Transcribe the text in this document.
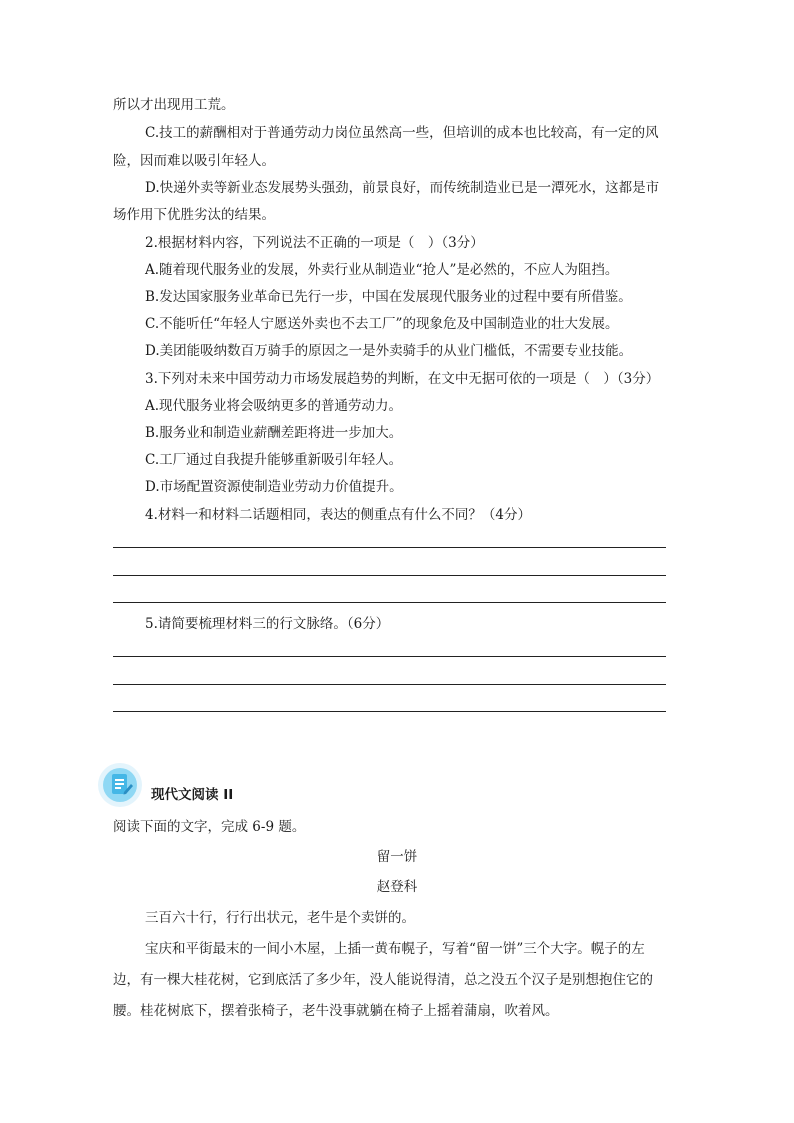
所以才出现用工荒。
C.技工的薪酬相对于普通劳动力岗位虽然高一些，但培训的成本也比较高，有一定的风
险，因而难以吸引年轻人。
D.快递外卖等新业态发展势头强劲，前景良好，而传统制造业已是一潭死水，这都是市
场作用下优胜劣汰的结果。
2.根据材料内容，下列说法不正确的一项是（　）（3分）
A.随着现代服务业的发展，外卖行业从制造业“抢人”是必然的，不应人为阻挡。
B.发达国家服务业革命已先行一步，中国在发展现代服务业的过程中要有所借鉴。
C.不能听任“年轻人宁愿送外卖也不去工厂”的现象危及中国制造业的壮大发展。
D.美团能吸纳数百万骑手的原因之一是外卖骑手的从业门槛低，不需要专业技能。
3.下列对未来中国劳动力市场发展趋势的判断，在文中无据可依的一项是（　）（3分）
A.现代服务业将会吸纳更多的普通劳动力。
B.服务业和制造业薪酬差距将进一步加大。
C.工厂通过自我提升能够重新吸引年轻人。
D.市场配置资源使制造业劳动力价值提升。
4.材料一和材料二话题相同，表达的侧重点有什么不同？（4分）
5.请简要梳理材料三的行文脉络。（6分）
现代文阅读 II
阅读下面的文字，完成 6-9 题。
留一饼
赵登科
三百六十行，行行出状元，老牛是个卖饼的。
宝庆和平街最末的一间小木屋，上插一黄布幌子，写着“留一饼”三个大字。幌子的左
边，有一棵大桂花树，它到底活了多少年，没人能说得清，总之没五个汉子是别想抱住它的
腰。桂花树底下，摆着张椅子，老牛没事就躺在椅子上摇着蒲扇，吹着风。
